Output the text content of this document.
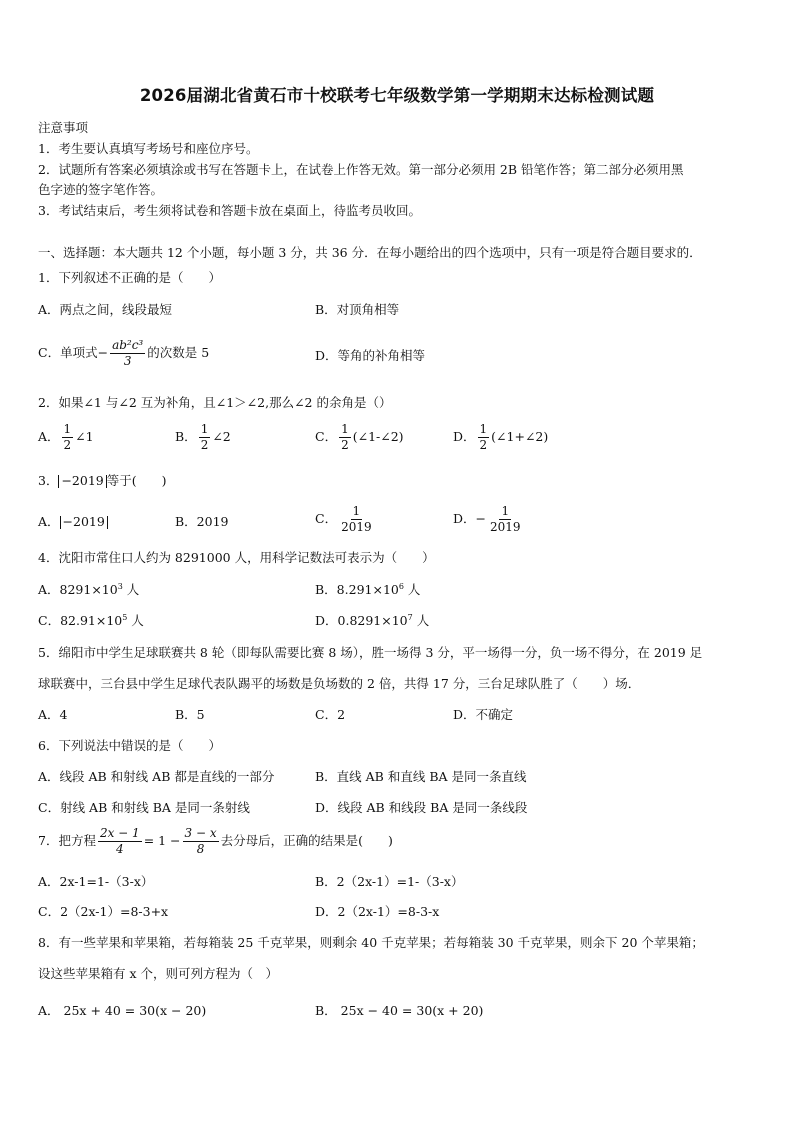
2026届湖北省黄石市十校联考七年级数学第一学期期末达标检测试题
注意事项
1．考生要认真填写考场号和座位序号。
2．试题所有答案必须填涂或书写在答题卡上，在试卷上作答无效。第一部分必须用 2B 铅笔作答；第二部分必须用黑
色字迹的签字笔作答。
3．考试结束后，考生须将试卷和答题卡放在桌面上，待监考员收回。
一、选择题：本大题共 12 个小题，每小题 3 分，共 36 分．在每小题给出的四个选项中，只有一项是符合题目要求的．
1．下列叙述不正确的是（　　）
A．两点之间，线段最短	B．对顶角相等
C．单项式 − $\frac{\text{ab²c³}}{3}$ 的次数是 5	D．等角的补角相等
2．如果∠1 与∠2 互为补角，且∠1＞∠2,那么∠2 的余角是（）
A． $\frac{1}{2}$ ∠1	B． $\frac{1}{2}$ ∠2	C． $\frac{1}{2}$ (∠1-∠2)	D． $\frac{1}{2}$ (∠1+∠2)
3． −2019 等于(　　)
A． −2019	B．2019	C． $\frac{1}{2019}$	D． − $\frac{1}{2019}$
4．沈阳市常住口人约为 8291000 人，用科学记数法可表示为（　　）
A．$8291\times 10^3$ 人	B．$8.291\times 10^6$ 人
C．$82.91\times 10^5$ 人	D．$0.8291\times 10^7$ 人
5．绵阳市中学生足球联赛共 8 轮（即每队需要比赛 8 场），胜一场得 3 分，平一场得一分，负一场不得分，在 2019 足
球联赛中，三台县中学生足球代表队踢平的场数是负场数的 2 倍，共得 17 分，三台足球队胜了（　　）场．
A．4	B．5	C．2	D．不确定
6．下列说法中错误的是（　　）
A．线段 AB 和射线 AB 都是直线的一部分	B．直线 AB 和直线 BA 是同一条直线
C．射线 AB 和射线 BA 是同一条射线	D．线段 AB 和线段 BA 是同一条线段
7．把方程 $\frac{2x - 1}{4} = 1 - \frac{3 - x}{8}$ 去分母后，正确的结果是(　　)
A．2x-1=1-（3-x）	B．2（2x-1）=1-（3-x）
C．2（2x-1）=8-3+x	D．2（2x-1）=8-3-x
8．有一些苹果和苹果箱，若每箱装 25 千克苹果，则剩余 40 千克苹果；若每箱装 30 千克苹果，则余下 20 个苹果箱；
设这些苹果箱有 x 个，则可列方程为（　）
A． 25x + 40 = 30(x − 20)	B． 25x − 40 = 30(x + 20)
